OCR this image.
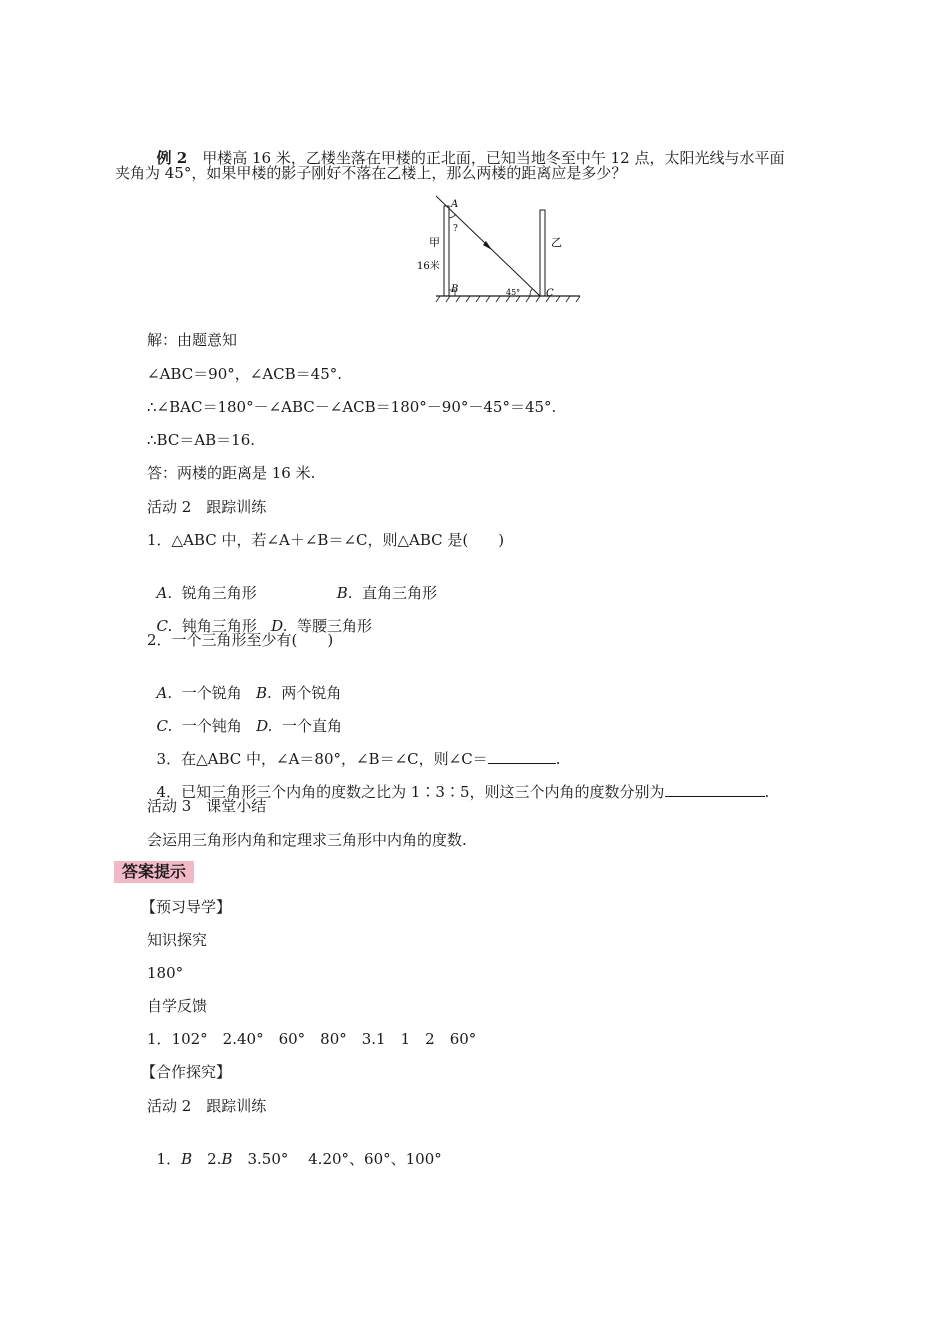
例 2　 甲楼高 16 米，乙楼坐落在甲楼的正北面，已知当地冬至中午 12 点，太阳光线与水平面

夹角为 45°，如果甲楼的影子刚好不落在乙楼上，那么两楼的距离应是多少？
A
?
甲
16米
B	45°	C
乙
解：由题意知
∠ABC＝90°，∠ACB＝45°.
∴∠BAC＝180°－∠ABC－∠ACB＝180°－90°－45°＝45°.
∴BC＝AB＝16.
答：两楼的距离是 16 米.
活动 2　跟踪训练
1．△ABC 中，若∠A＋∠B＝∠C，则△ABC 是(　　)

A. 锐角三角形	B. 直角三角形

C. 钝角三角形 D. 等腰三角形

2．一个三角形至少有(　　)

A. 一个锐角 B. 两个锐角

C. 一个钝角 D. 一个直角

3．在△ABC 中，∠A＝80°，∠B＝∠C，则∠C＝	.

4．已知三角形三个内角的度数之比为 1∶3∶5，则这三个内角的度数分别为	.

活动 3　课堂小结
会运用三角形内角和定理求三角形中内角的度数.
答案提示
【预习导学】
知识探究
180°
自学反馈
1．102°　2.40°　60°　80°　3.1　1　2　60°
【合作探究】
活动 2　跟踪训练

1．B　2.B　3.50°　 4.20°、60°、100°
